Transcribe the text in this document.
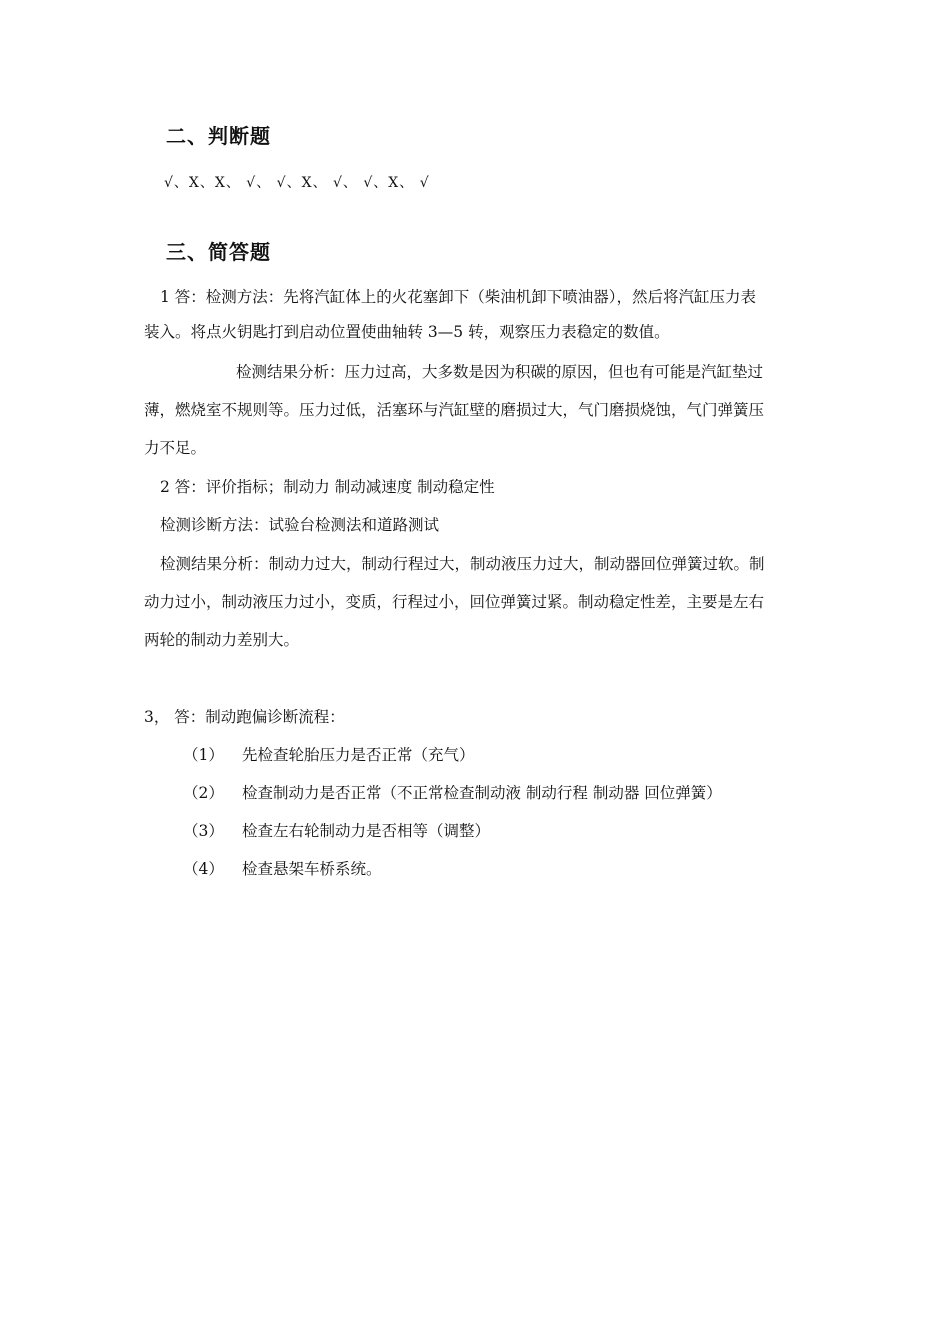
二、判断题
√、X、X、 √、 √、X、 √、 √、X、 √
三、简答题
1 答：检测方法：先将汽缸体上的火花塞卸下（柴油机卸下喷油器），然后将汽缸压力表
装入。将点火钥匙打到启动位置使曲轴转 3—5 转，观察压力表稳定的数值。
检测结果分析：压力过高，大多数是因为积碳的原因，但也有可能是汽缸垫过
薄，燃烧室不规则等。压力过低，活塞环与汽缸壁的磨损过大，气门磨损烧蚀，气门弹簧压
力不足。
2 答：评价指标；制动力 制动减速度 制动稳定性
检测诊断方法：试验台检测法和道路测试
检测结果分析：制动力过大，制动行程过大，制动液压力过大，制动器回位弹簧过软。制
动力过小，制动液压力过小，变质，行程过小，回位弹簧过紧。制动稳定性差，主要是左右
两轮的制动力差别大。
3， 答：制动跑偏诊断流程：
（1） 先检查轮胎压力是否正常（充气）
（2） 检查制动力是否正常（不正常检查制动液 制动行程 制动器 回位弹簧）
（3） 检查左右轮制动力是否相等（调整）
（4） 检查悬架车桥系统。
